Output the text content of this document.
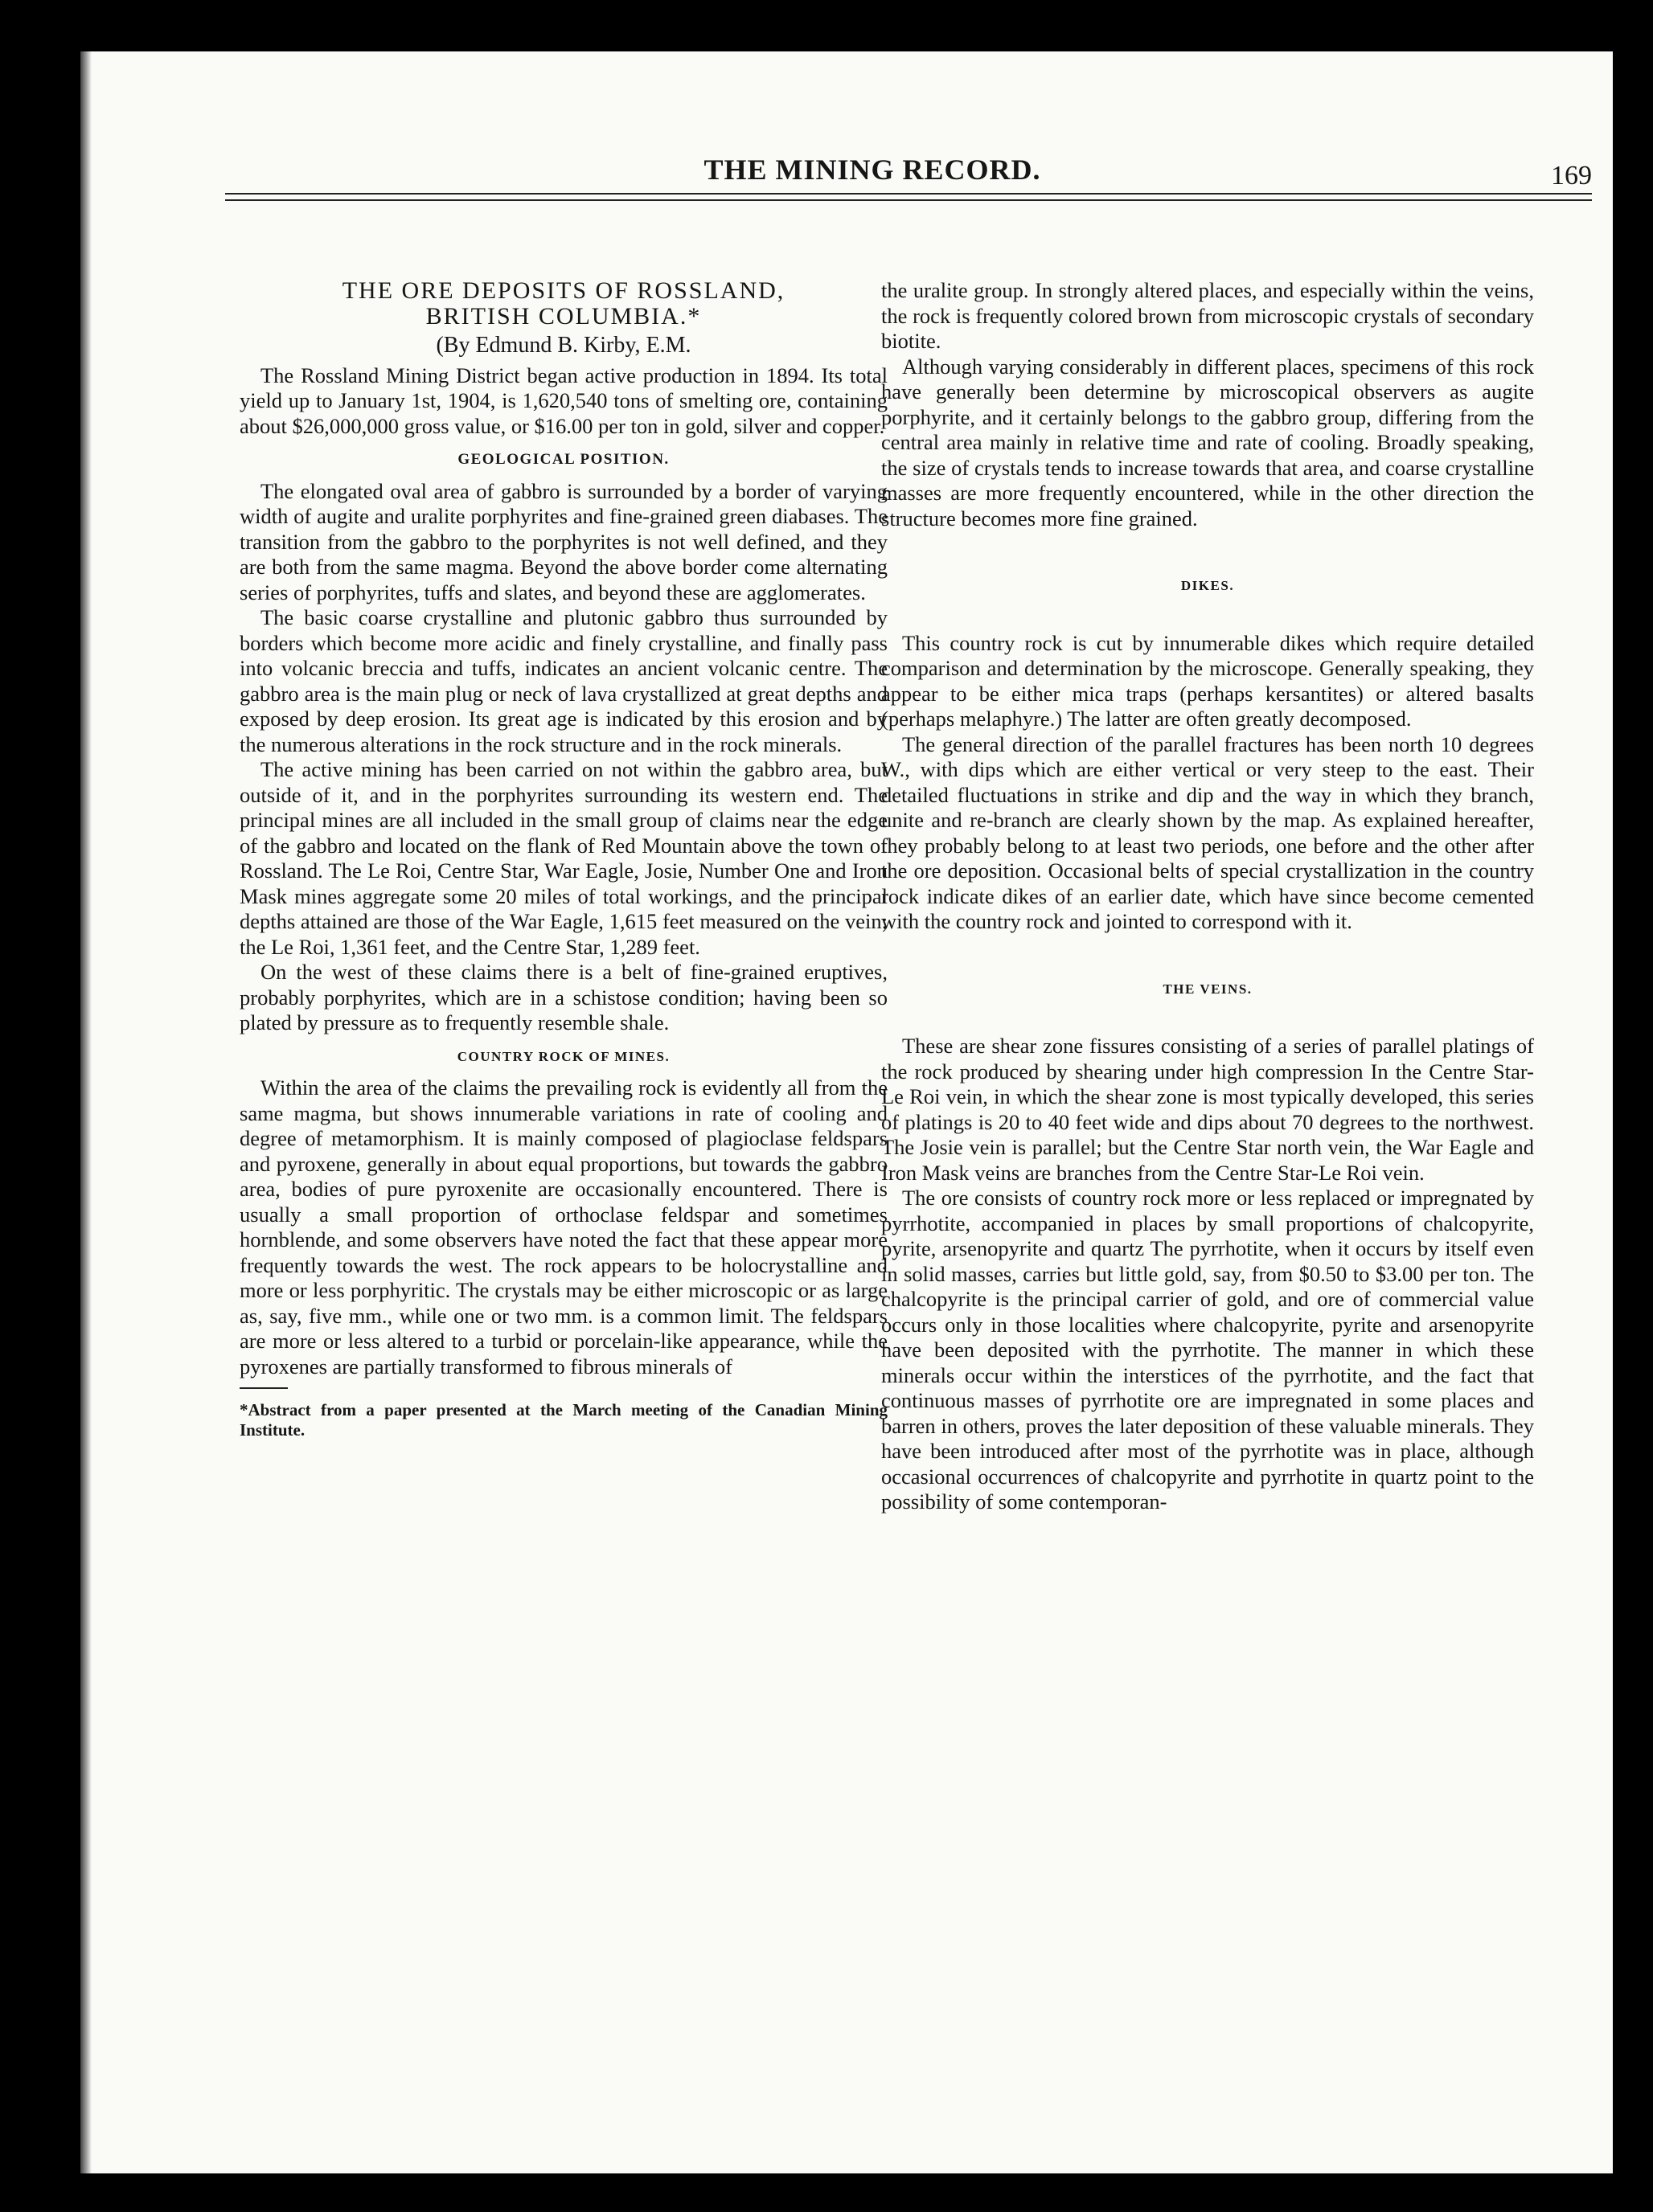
THE MINING RECORD.	169
THE ORE DEPOSITS OF ROSSLAND,
BRITISH COLUMBIA.*
(By Edmund B. Kirby, E.M.

The Rossland Mining District began active production in 1894. Its total yield up to January 1st, 1904, is 1,620,540 tons of smelting ore, containing about $26,000,000 gross value, or $16.00 per ton in gold, silver and copper.

GEOLOGICAL POSITION.

The elongated oval area of gabbro is surrounded by a border of varying width of augite and uralite porphyrites and fine-grained green diabases. The transition from the gabbro to the porphyrites is not well defined, and they are both from the same magma. Beyond the above border come alternating series of porphyrites, tuffs and slates, and beyond these are agglomerates.

The basic coarse crystalline and plutonic gabbro thus surrounded by borders which become more acidic and finely crystalline, and finally pass into volcanic breccia and tuffs, indicates an ancient volcanic centre. The gabbro area is the main plug or neck of lava crystallized at great depths and exposed by deep erosion. Its great age is indicated by this erosion and by the numerous alterations in the rock structure and in the rock minerals.

The active mining has been carried on not within the gabbro area, but outside of it, and in the porphyrites surrounding its western end. The principal mines are all included in the small group of claims near the edge of the gabbro and located on the flank of Red Mountain above the town of Rossland. The Le Roi, Centre Star, War Eagle, Josie, Number One and Iron Mask mines aggregate some 20 miles of total workings, and the principal depths attained are those of the War Eagle, 1,615 feet measured on the vein; the Le Roi, 1,361 feet, and the Centre Star, 1,289 feet.

On the west of these claims there is a belt of fine-grained eruptives, probably porphyrites, which are in a schistose condition; having been so plated by pressure as to frequently resemble shale.

COUNTRY ROCK OF MINES.

Within the area of the claims the prevailing rock is evidently all from the same magma, but shows innumerable variations in rate of cooling and degree of metamorphism. It is mainly composed of plagioclase feldspars and pyroxene, generally in about equal proportions, but towards the gabbro area, bodies of pure pyroxenite are occasionally encountered. There is usually a small proportion of orthoclase feldspar and sometimes hornblende, and some observers have noted the fact that these appear more frequently towards the west. The rock appears to be holocrystalline and more or less porphyritic. The crystals may be either microscopic or as large as, say, five mm., while one or two mm. is a common limit. The feldspars are more or less altered to a turbid or porcelain-like appearance, while the pyroxenes are partially transformed to fibrous minerals of

*Abstract from a paper presented at the March meeting of the Canadian Mining Institute.

the uralite group. In strongly altered places, and especially within the veins, the rock is frequently colored brown from microscopic crystals of secondary biotite.

Although varying considerably in different places, specimens of this rock have generally been determine by microscopical observers as augite porphyrite, and it certainly belongs to the gabbro group, differing from the central area mainly in relative time and rate of cooling. Broadly speaking, the size of crystals tends to increase towards that area, and coarse crystalline masses are more frequently encountered, while in the other direction the structure becomes more fine grained.

DIKES.

This country rock is cut by innumerable dikes which require detailed comparison and determination by the microscope. Generally speaking, they appear to be either mica traps (perhaps kersantites) or altered basalts (perhaps melaphyre.) The latter are often greatly decomposed.

The general direction of the parallel fractures has been north 10 degrees W., with dips which are either vertical or very steep to the east. Their detailed fluctuations in strike and dip and the way in which they branch, unite and re-branch are clearly shown by the map. As explained hereafter, they probably belong to at least two periods, one before and the other after the ore deposition. Occasional belts of special crystallization in the country rock indicate dikes of an earlier date, which have since become cemented with the country rock and jointed to correspond with it.

THE VEINS.

These are shear zone fissures consisting of a series of parallel platings of the rock produced by shearing under high compression In the Centre Star-Le Roi vein, in which the shear zone is most typically developed, this series of platings is 20 to 40 feet wide and dips about 70 degrees to the northwest. The Josie vein is parallel; but the Centre Star north vein, the War Eagle and Iron Mask veins are branches from the Centre Star-Le Roi vein.

The ore consists of country rock more or less replaced or impregnated by pyrrhotite, accompanied in places by small proportions of chalcopyrite, pyrite, arsenopyrite and quartz The pyrrhotite, when it occurs by itself even in solid masses, carries but little gold, say, from $0.50 to $3.00 per ton. The chalcopyrite is the principal carrier of gold, and ore of commercial value occurs only in those localities where chalcopyrite, pyrite and arsenopyrite have been deposited with the pyrrhotite. The manner in which these minerals occur within the interstices of the pyrrhotite, and the fact that continuous masses of pyrrhotite ore are impregnated in some places and barren in others, proves the later deposition of these valuable minerals. They have been introduced after most of the pyrrhotite was in place, although occasional occurrences of chalcopyrite and pyrrhotite in quartz point to the possibility of some contemporan-
